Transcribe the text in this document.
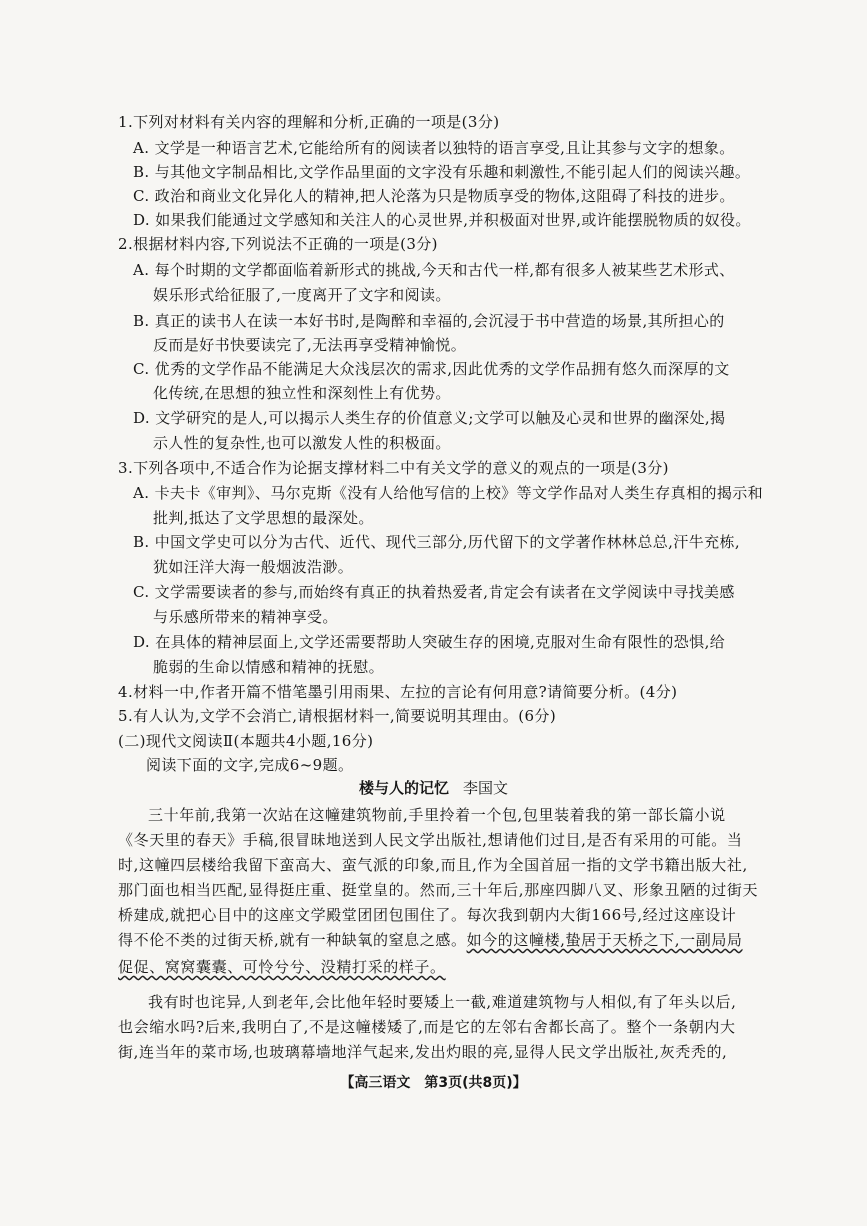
1.下列对材料有关内容的理解和分析,正确的一项是(3分)
A. 文学是一种语言艺术,它能给所有的阅读者以独特的语言享受,且让其参与文字的想象。
B. 与其他文字制品相比,文学作品里面的文字没有乐趣和刺激性,不能引起人们的阅读兴趣。
C. 政治和商业文化异化人的精神,把人沦落为只是物质享受的物体,这阻碍了科技的进步。
D. 如果我们能通过文学感知和关注人的心灵世界,并积极面对世界,或许能摆脱物质的奴役。
2.根据材料内容,下列说法不正确的一项是(3分)
A. 每个时期的文学都面临着新形式的挑战,今天和古代一样,都有很多人被某些艺术形式、
娱乐形式给征服了,一度离开了文字和阅读。
B. 真正的读书人在读一本好书时,是陶醉和幸福的,会沉浸于书中营造的场景,其所担心的
反而是好书快要读完了,无法再享受精神愉悦。
C. 优秀的文学作品不能满足大众浅层次的需求,因此优秀的文学作品拥有悠久而深厚的文
化传统,在思想的独立性和深刻性上有优势。
D. 文学研究的是人,可以揭示人类生存的价值意义;文学可以触及心灵和世界的幽深处,揭
示人性的复杂性,也可以激发人性的积极面。
3.下列各项中,不适合作为论据支撑材料二中有关文学的意义的观点的一项是(3分)
A. 卡夫卡《审判》、马尔克斯《没有人给他写信的上校》等文学作品对人类生存真相的揭示和
批判,抵达了文学思想的最深处。
B. 中国文学史可以分为古代、近代、现代三部分,历代留下的文学著作林林总总,汗牛充栋,
犹如汪洋大海一般烟波浩渺。
C. 文学需要读者的参与,而始终有真正的执着热爱者,肯定会有读者在文学阅读中寻找美感
与乐感所带来的精神享受。
D. 在具体的精神层面上,文学还需要帮助人突破生存的困境,克服对生命有限性的恐惧,给
脆弱的生命以情感和精神的抚慰。
4.材料一中,作者开篇不惜笔墨引用雨果、左拉的言论有何用意?请简要分析。(4分)
5.有人认为,文学不会消亡,请根据材料一,简要说明其理由。(6分)
(二)现代文阅读Ⅱ(本题共4小题,16分)
阅读下面的文字,完成6~9题。
楼与人的记忆 李国文
三十年前,我第一次站在这幢建筑物前,手里拎着一个包,包里装着我的第一部长篇小说
《冬天里的春天》手稿,很冒昧地送到人民文学出版社,想请他们过目,是否有采用的可能。当
时,这幢四层楼给我留下蛮高大、蛮气派的印象,而且,作为全国首屈一指的文学书籍出版大社,
那门面也相当匹配,显得挺庄重、挺堂皇的。然而,三十年后,那座四脚八叉、形象丑陋的过街天
桥建成,就把心目中的这座文学殿堂团团包围住了。每次我到朝内大街166号,经过这座设计
得不伦不类的过街天桥,就有一种缺氧的窒息之感。如今的这幢楼,蛰居于天桥之下,一副局局
促促、窝窝囊囊、可怜兮兮、没精打采的样子。
我有时也诧异,人到老年,会比他年轻时要矮上一截,难道建筑物与人相似,有了年头以后,
也会缩水吗?后来,我明白了,不是这幢楼矮了,而是它的左邻右舍都长高了。整个一条朝内大
街,连当年的菜市场,也玻璃幕墙地洋气起来,发出灼眼的亮,显得人民文学出版社,灰秃秃的,
【高三语文　第3页(共8页)】
